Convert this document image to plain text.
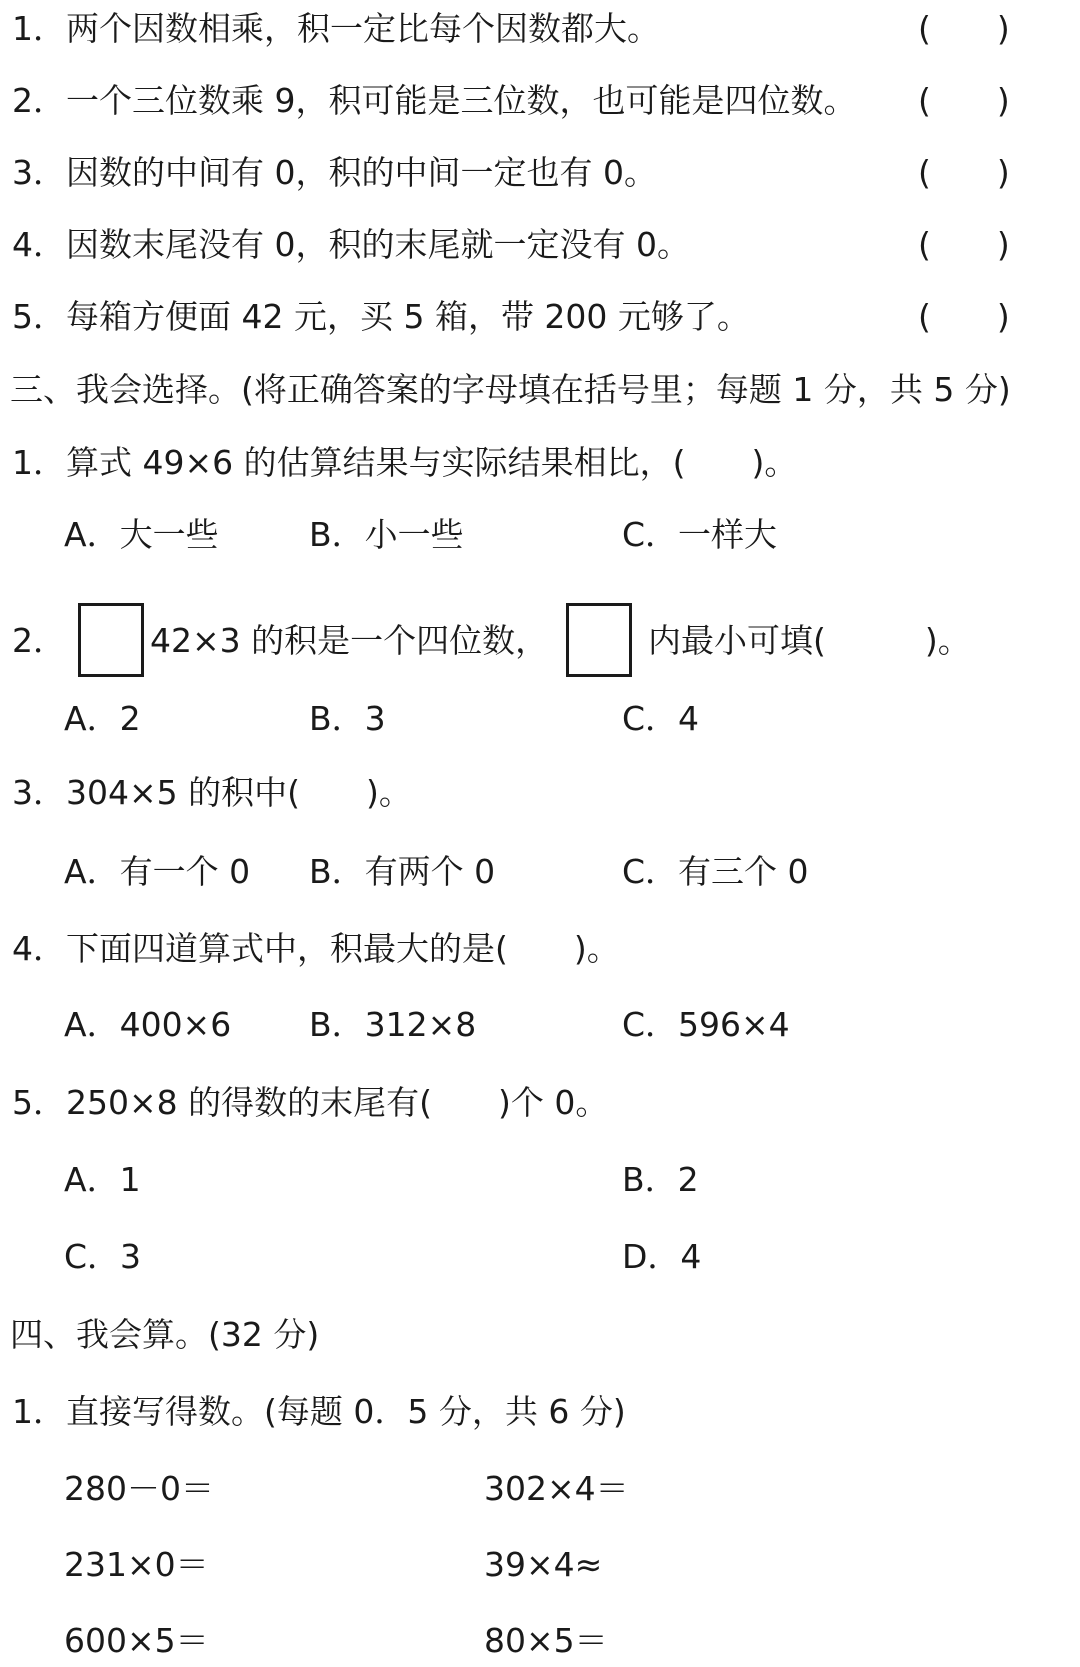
1．两个因数相乘，积一定比每个因数都大。	(　　)
2．一个三位数乘 9，积可能是三位数，也可能是四位数。 (　　)
3．因数的中间有 0，积的中间一定也有 0。	(　　)
4．因数末尾没有 0，积的末尾就一定没有 0。	(　　)
5．每箱方便面 42 元，买 5 箱，带 200 元够了。	(　　)
三、我会选择。(将正确答案的字母填在括号里；每题 1 分，共 5 分)
1．算式 49×6 的估算结果与实际结果相比，(　　)。
A．大一些	B．小一些	C．一样大
2．	42×3 的积是一个四位数，	内最小可填(　　　)。
A．2	B．3	C．4
3．304×5 的积中(　　)。
A．有一个 0 B．有两个 0	C．有三个 0
4．下面四道算式中，积最大的是(　　)。
A．400×6 B．312×8	C．596×4
5．250×8 的得数的末尾有(　　)个 0。
A．1	B．2
C．3	D．4
四、我会算。(32 分)
1．直接写得数。(每题 0．5 分，共 6 分)
280－0＝	302×4＝
231×0＝	39×4≈
600×5＝	80×5＝
